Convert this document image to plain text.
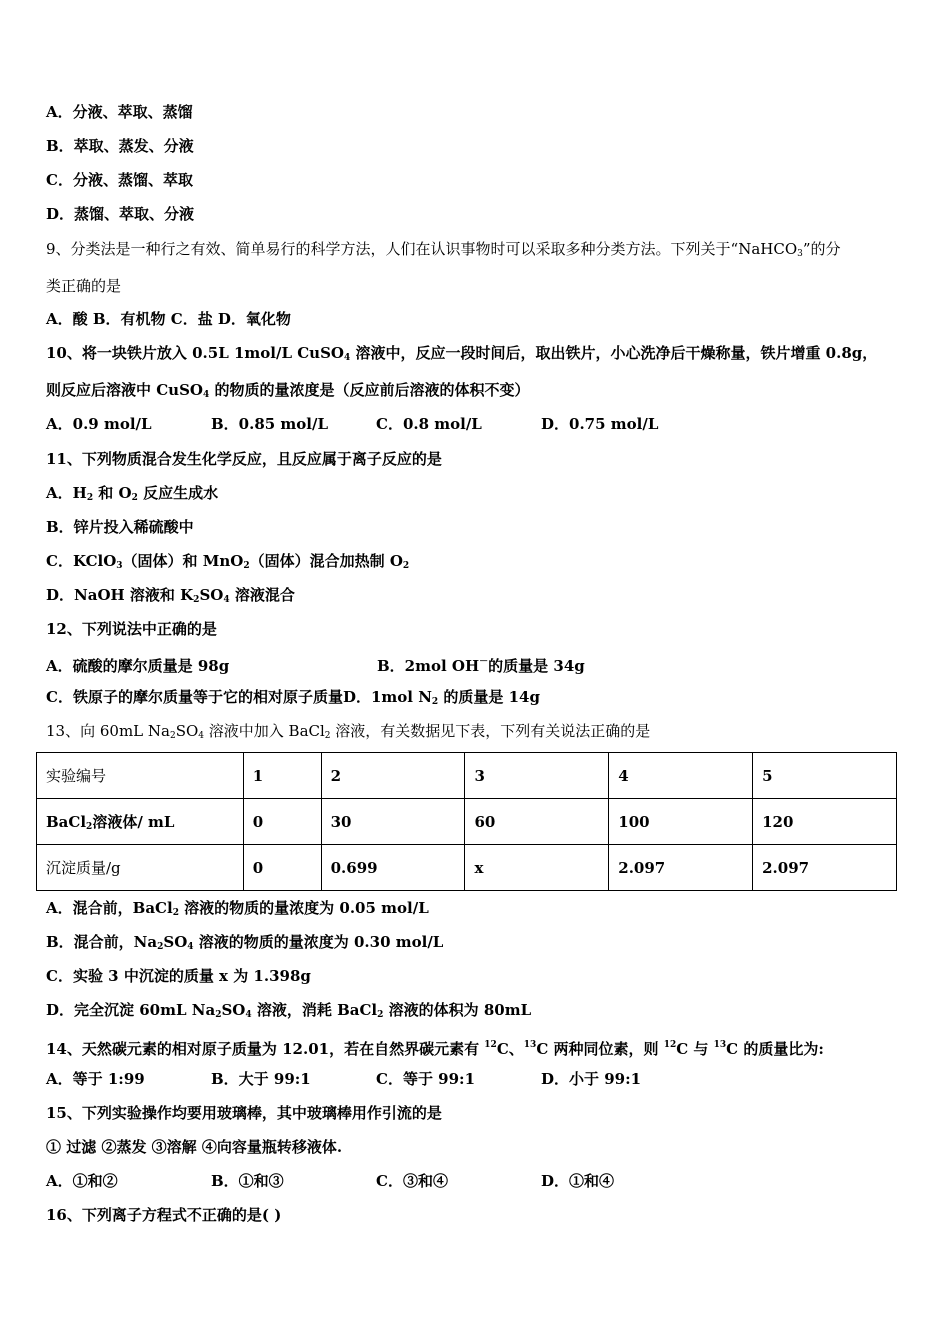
A．分液、萃取、蒸馏
B．萃取、蒸发、分液
C．分液、蒸馏、萃取
D．蒸馏、萃取、分液
9、分类法是一种行之有效、简单易行的科学方法，人们在认识事物时可以采取多种分类方法。下列关于“NaHCO$_3$”的分
类正确的是
A．酸 B．有机物 C．盐 D．氧化物
10、将一块铁片放入 0.5L 1mol/L CuSO$_4$ 溶液中，反应一段时间后，取出铁片，小心洗净后干燥称量，铁片增重 0.8g，
则反应后溶液中 CuSO$_4$ 的物质的量浓度是（反应前后溶液的体积不变）
A．0.9 mol/L	B．0.85 mol/L	C．0.8 mol/L	D．0.75 mol/L
11、下列物质混合发生化学反应，且反应属于离子反应的是
A．$H_2$ 和 $O_2$ 反应生成水
B．锌片投入稀硫酸中
C．KClO$_3$（固体）和 MnO$_2$（固体）混合加热制 $O_2$
D．NaOH 溶液和 $K_2SO_4$ 溶液混合
12、下列说法中正确的是
A．硫酸的摩尔质量是 98g	B．2mol OH－的质量是 34g
C．铁原子的摩尔质量等于它的相对原子质量D．1mol $N_2$ 的质量是 14g
13、向 60mL $Na_2SO_4$ 溶液中加入 BaCl$_2$ 溶液，有关数据见下表，下列有关说法正确的是
实验编号	1	2	3	4	5
BaCl$_2$溶液体/ mL	0	30	60	100	120
沉淀质量/g	0	0.699	x	2.097	2.097
A．混合前，BaCl$_2$ 溶液的物质的量浓度为 0.05 mol/L
B．混合前，$Na_2SO_4$ 溶液的物质的量浓度为 0.30 mol/L
C．实验 3 中沉淀的质量 x 为 1.398g
D．完全沉淀 60mL $Na_2SO_4$ 溶液，消耗 BaCl$_2$ 溶液的体积为 80mL
14、天然碳元素的相对原子质量为 12.01，若在自然界碳元素有 $^{12}$C、$^{13}$C 两种同位素，则 $^{12}$C 与 $^{13}$C 的质量比为:
A．等于 1:99	B．大于 99:1	C．等于 99:1	D．小于 99:1
15、下列实验操作均要用玻璃棒，其中玻璃棒用作引流的是
① 过滤 ②蒸发 ③溶解 ④向容量瓶转移液体.
A．①和②	B．①和③	C．③和④	D．①和④
16、下列离子方程式不正确的是( )
